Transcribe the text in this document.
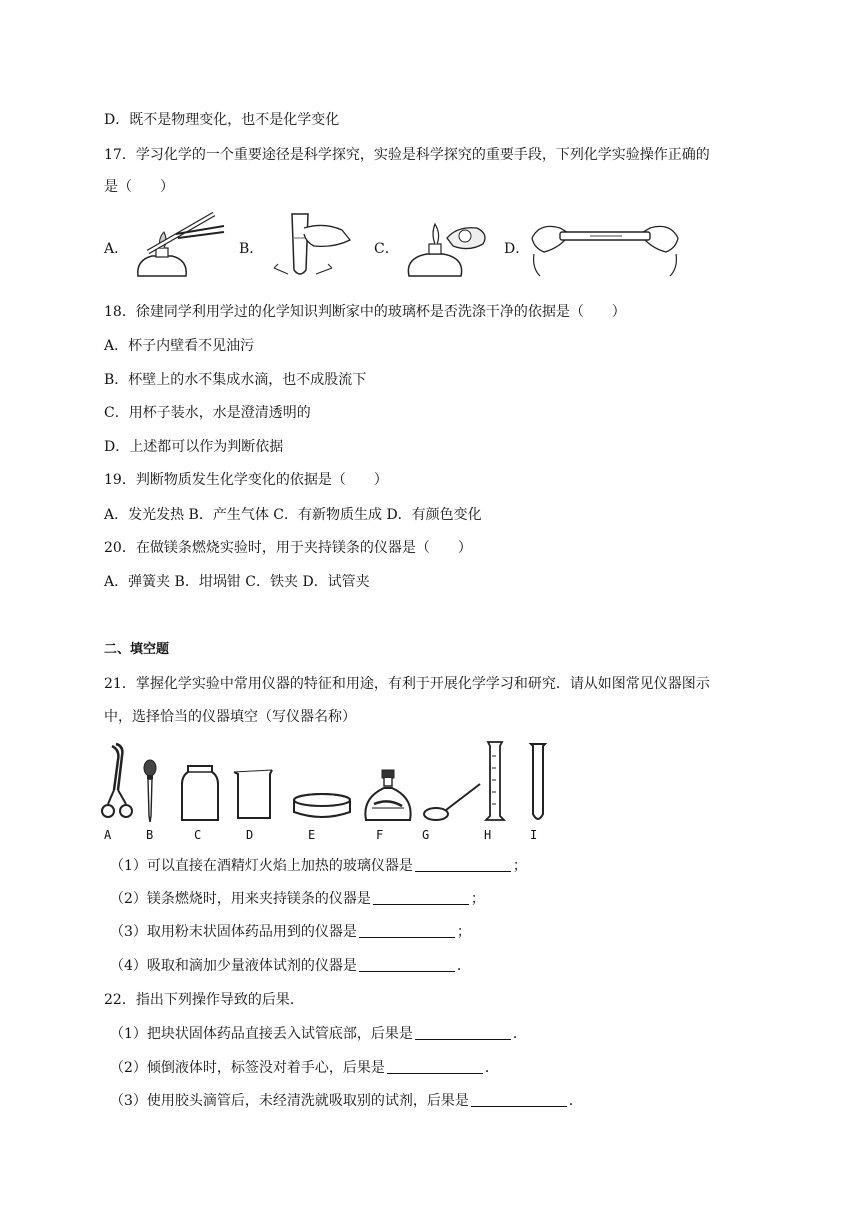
D．既不是物理变化，也不是化学变化
17．学习化学的一个重要途径是科学探究，实验是科学探究的重要手段，下列化学实验操作正确的
是（　　）
A．	B．	C．	D．
18．徐建同学利用学过的化学知识判断家中的玻璃杯是否洗涤干净的依据是（　　）
A．杯子内壁看不见油污
B．杯壁上的水不集成水滴，也不成股流下
C．用杯子装水，水是澄清透明的
D．上述都可以作为判断依据
19．判断物质发生化学变化的依据是（　　）
A．发光发热 B．产生气体 C．有新物质生成 D．有颜色变化
20．在做镁条燃烧实验时，用于夹持镁条的仪器是（　　）
A．弹簧夹 B．坩埚钳 C．铁夹 D．试管夹
二、填空题
21．掌握化学实验中常用仪器的特征和用途，有利于开展化学学习和研究．请从如图常见仪器图示
中，选择恰当的仪器填空（写仪器名称）
A	B	C	D	E	F	G	H	I
（1）可以直接在酒精灯火焰上加热的玻璃仪器是	；
（2）镁条燃烧时，用来夹持镁条的仪器是	；
（3）取用粉末状固体药品用到的仪器是	；
（4）吸取和滴加少量液体试剂的仪器是	．
22．指出下列操作导致的后果．
（1）把块状固体药品直接丢入试管底部，后果是	．
（2）倾倒液体时，标签没对着手心，后果是	．
（3）使用胶头滴管后，未经清洗就吸取别的试剂，后果是	．
